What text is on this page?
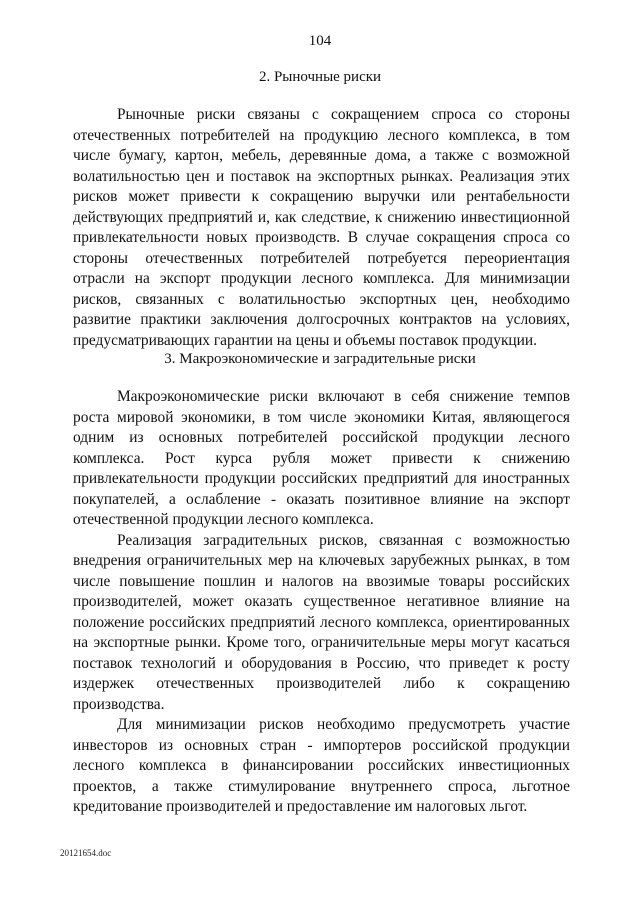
104
2. Рыночные риски

Рыночные риски связаны с сокращением спроса со стороны отечественных потребителей на продукцию лесного комплекса, в том числе бумагу, картон, мебель, деревянные дома, а также с возможной волатильностью цен и поставок на экспортных рынках. Реализация этих рисков может привести к сокращению выручки или рентабельности действующих предприятий и, как следствие, к снижению инвестиционной привлекательности новых производств. В случае сокращения спроса со стороны отечественных потребителей потребуется переориентация отрасли на экспорт продукции лесного комплекса. Для минимизации рисков, связанных с волатильностью экспортных цен, необходимо развитие практики заключения долгосрочных контрактов на условиях, предусматривающих гарантии на цены и объемы поставок продукции.

3. Макроэкономические и заградительные риски

Макроэкономические риски включают в себя снижение темпов роста мировой экономики, в том числе экономики Китая, являющегося одним из основных потребителей российской продукции лесного комплекса. Рост курса рубля может привести к снижению привлекательности продукции российских предприятий для иностранных покупателей, а ослабление - оказать позитивное влияние на экспорт отечественной продукции лесного комплекса.

Реализация заградительных рисков, связанная с возможностью внедрения ограничительных мер на ключевых зарубежных рынках, в том числе повышение пошлин и налогов на ввозимые товары российских производителей, может оказать существенное негативное влияние на положение российских предприятий лесного комплекса, ориентированных на экспортные рынки. Кроме того, ограничительные меры могут касаться поставок технологий и оборудования в Россию, что приведет к росту издержек отечественных производителей либо к сокращению производства.

Для минимизации рисков необходимо предусмотреть участие инвесторов из основных стран - импортеров российской продукции лесного комплекса в финансировании российских инвестиционных проектов, а также стимулирование внутреннего спроса, льготное кредитование производителей и предоставление им налоговых льгот.

20121654.doc
